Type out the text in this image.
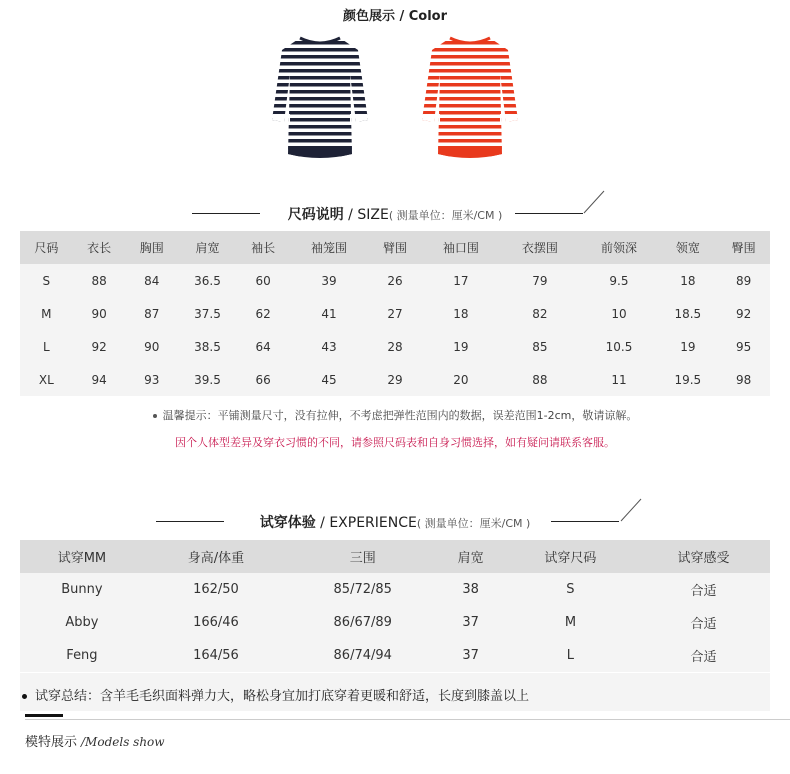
颜色展示 / Color
尺码说明 / SIZE( 测量单位：厘米/CM )
尺码	衣长	胸围	肩宽	袖长	袖笼围	臂围	袖口围	衣摆围	前领深	领宽	臀围
S	88	84	36.5	60	39	26	17	79	9.5	18	89
M	90	87	37.5	62	41	27	18	82	10	18.5	92
L	92	90	38.5	64	43	28	19	85	10.5	19	95
XL	94	93	39.5	66	45	29	20	88	11	19.5	98
温馨提示：平铺测量尺寸，没有拉伸，不考虑把弹性范围内的数据，误差范围1-2cm，敬请谅解。
因个人体型差异及穿衣习惯的不同，请参照尺码表和自身习惯选择，如有疑问请联系客服。
试穿体验 / EXPERIENCE( 测量单位：厘米/CM )
试穿MM	身高/体重	三围	肩宽	试穿尺码	试穿感受
Bunny	162/50	85/72/85	38	S	合适
Abby	166/46	86/67/89	37	M	合适
Feng	164/56	86/74/94	37	L	合适
试穿总结：含羊毛毛织面料弹力大，略松身宜加打底穿着更暖和舒适，长度到膝盖以上
模特展示 /Models show
